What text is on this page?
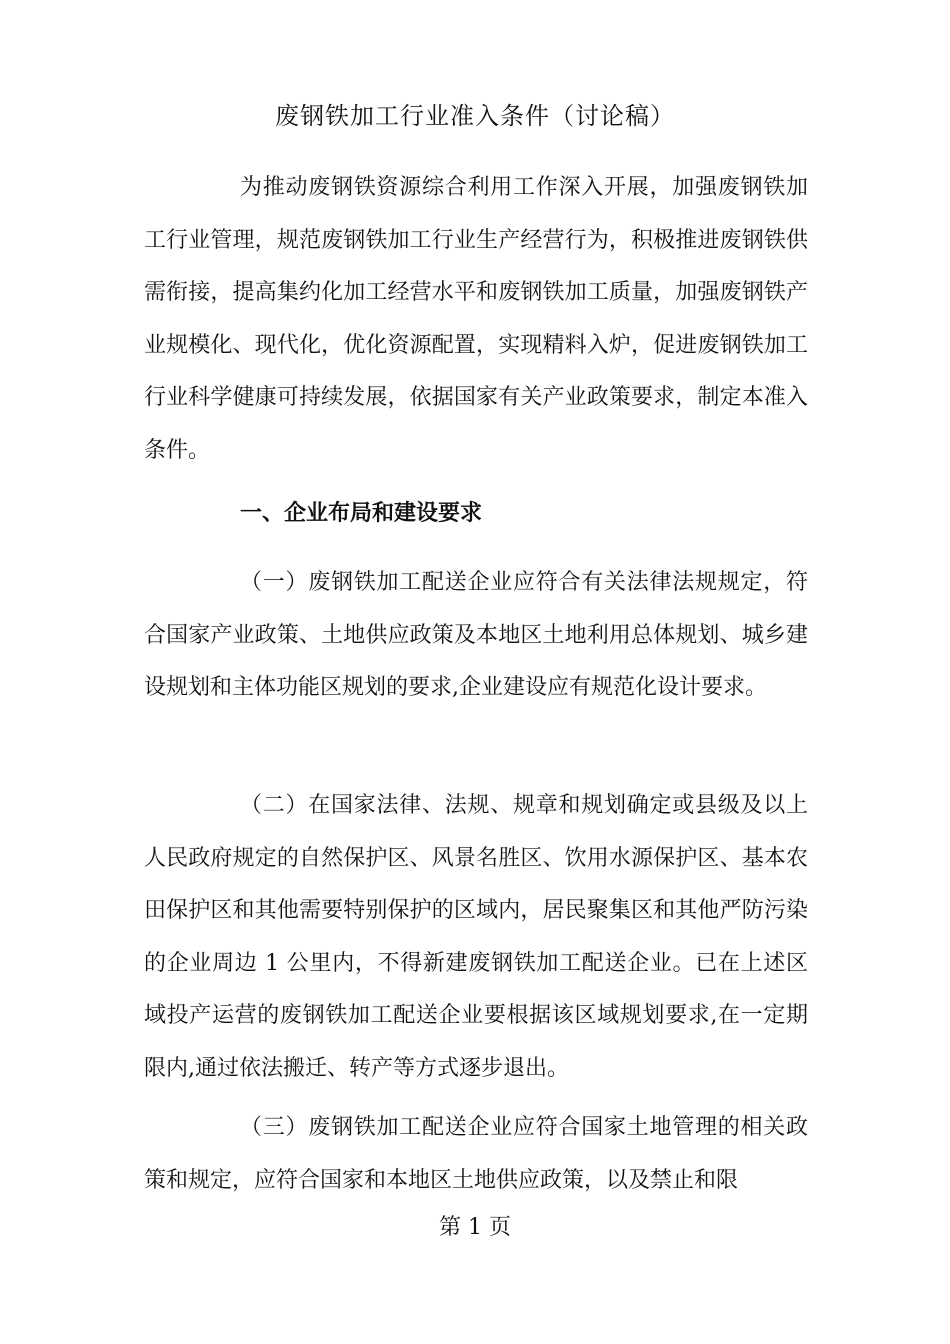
废钢铁加工行业准入条件（讨论稿）

为推动废钢铁资源综合利用工作深入开展，加强废钢铁加工行业管理，规范废钢铁加工行业生产经营行为，积极推进废钢铁供需衔接，提高集约化加工经营水平和废钢铁加工质量，加强废钢铁产业规模化、现代化，优化资源配置，实现精料入炉，促进废钢铁加工行业科学健康可持续发展，依据国家有关产业政策要求，制定本准入条件。

一、企业布局和建设要求

（一）废钢铁加工配送企业应符合有关法律法规规定，符合国家产业政策、土地供应政策及本地区土地利用总体规划、城乡建设规划和主体功能区规划的要求,企业建设应有规范化设计要求。

（二）在国家法律、法规、规章和规划确定或县级及以上人民政府规定的自然保护区、风景名胜区、饮用水源保护区、基本农田保护区和其他需要特别保护的区域内，居民聚集区和其他严防污染的企业周边 1 公里内，不得新建废钢铁加工配送企业。已在上述区域投产运营的废钢铁加工配送企业要根据该区域规划要求,在一定期限内,通过依法搬迁、转产等方式逐步退出。

（三）废钢铁加工配送企业应符合国家土地管理的相关政策和规定，应符合国家和本地区土地供应政策，以及禁止和限

第 1 页
